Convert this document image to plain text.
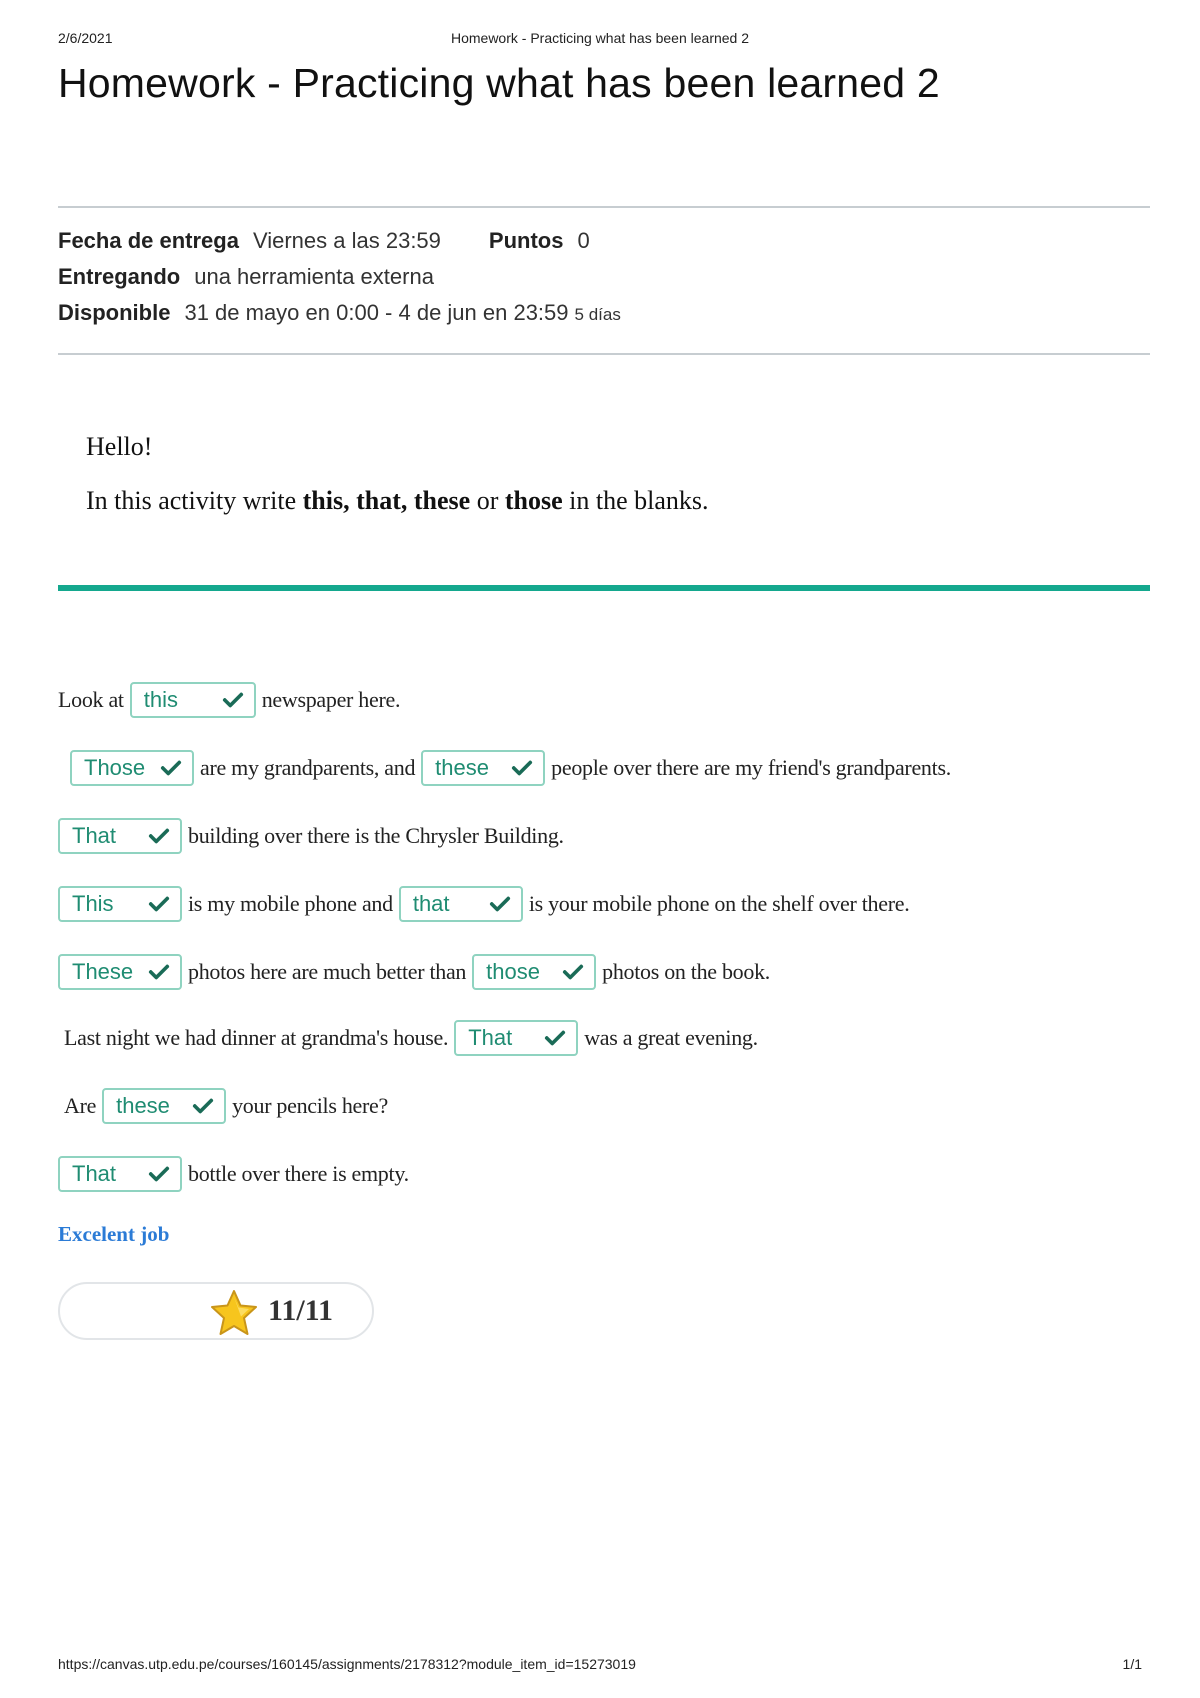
2/6/2021	Homework - Practicing what has been learned 2
Homework - Practicing what has been learned 2
Fecha de entrega Viernes a las 23:59 Puntos 0
Entregando una herramienta externa
Disponible 31 de mayo en 0:00 - 4 de jun en 23:59 5 días

Hello!

In this activity write this, that, these or those in the blanks.

Look at this	newspaper here.
Those are my grandparents, and these	people over there are my friend's grandparents.
That	building over there is the Chrysler Building.
This	is my mobile phone and that	is your mobile phone on the shelf over there.
These photos here are much better than those	photos on the book.
Last night we had dinner at grandma's house. That	was a great evening.
Are these	your pencils here?
That	bottle over there is empty.
Excelent job
11/11
https://canvas.utp.edu.pe/courses/160145/assignments/2178312?module_item_id=15273019	1/1
